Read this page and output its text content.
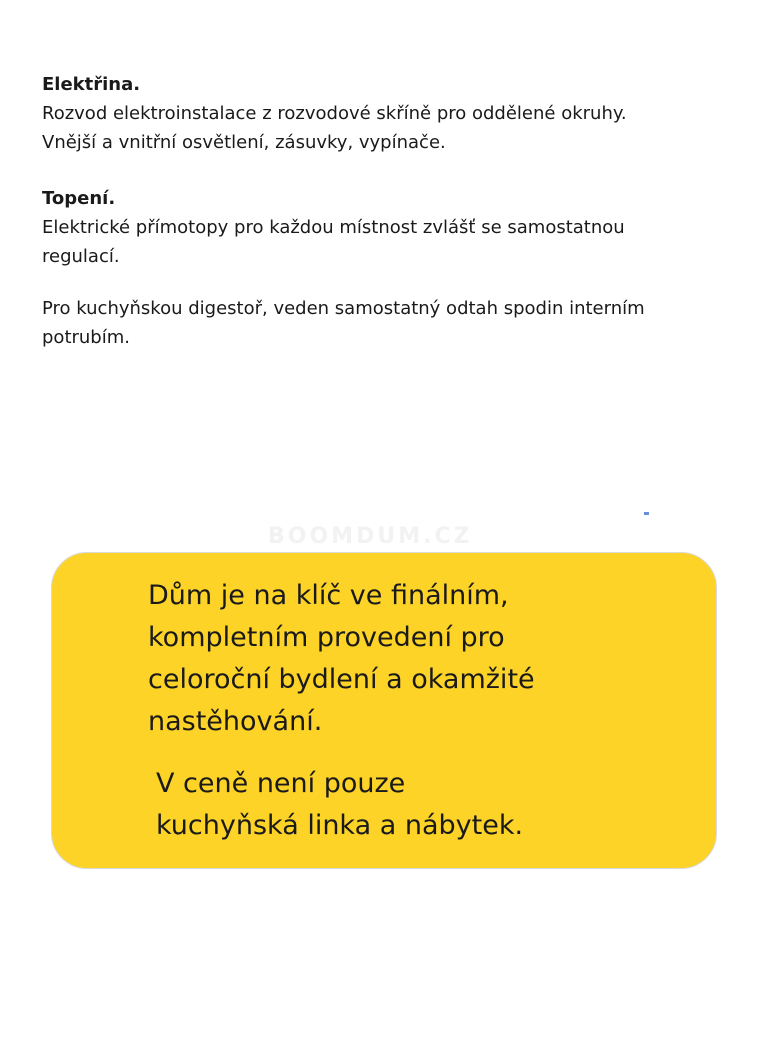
Elektřina.
Rozvod elektroinstalace z rozvodové skříně pro oddělené okruhy.
Vnější a vnitřní osvětlení, zásuvky, vypínače.
Topení.
Elektrické přímotopy pro každou místnost zvlášť se samostatnou
regulací.
Pro kuchyňskou digestoř, veden samostatný odtah spodin interním
potrubím.
BOOMDUM.CZ
Dům je na klíč ve finálním,
kompletním provedení pro
celoroční bydlení a okamžité
nastěhování.
V ceně není pouze
kuchyňská linka a nábytek.
